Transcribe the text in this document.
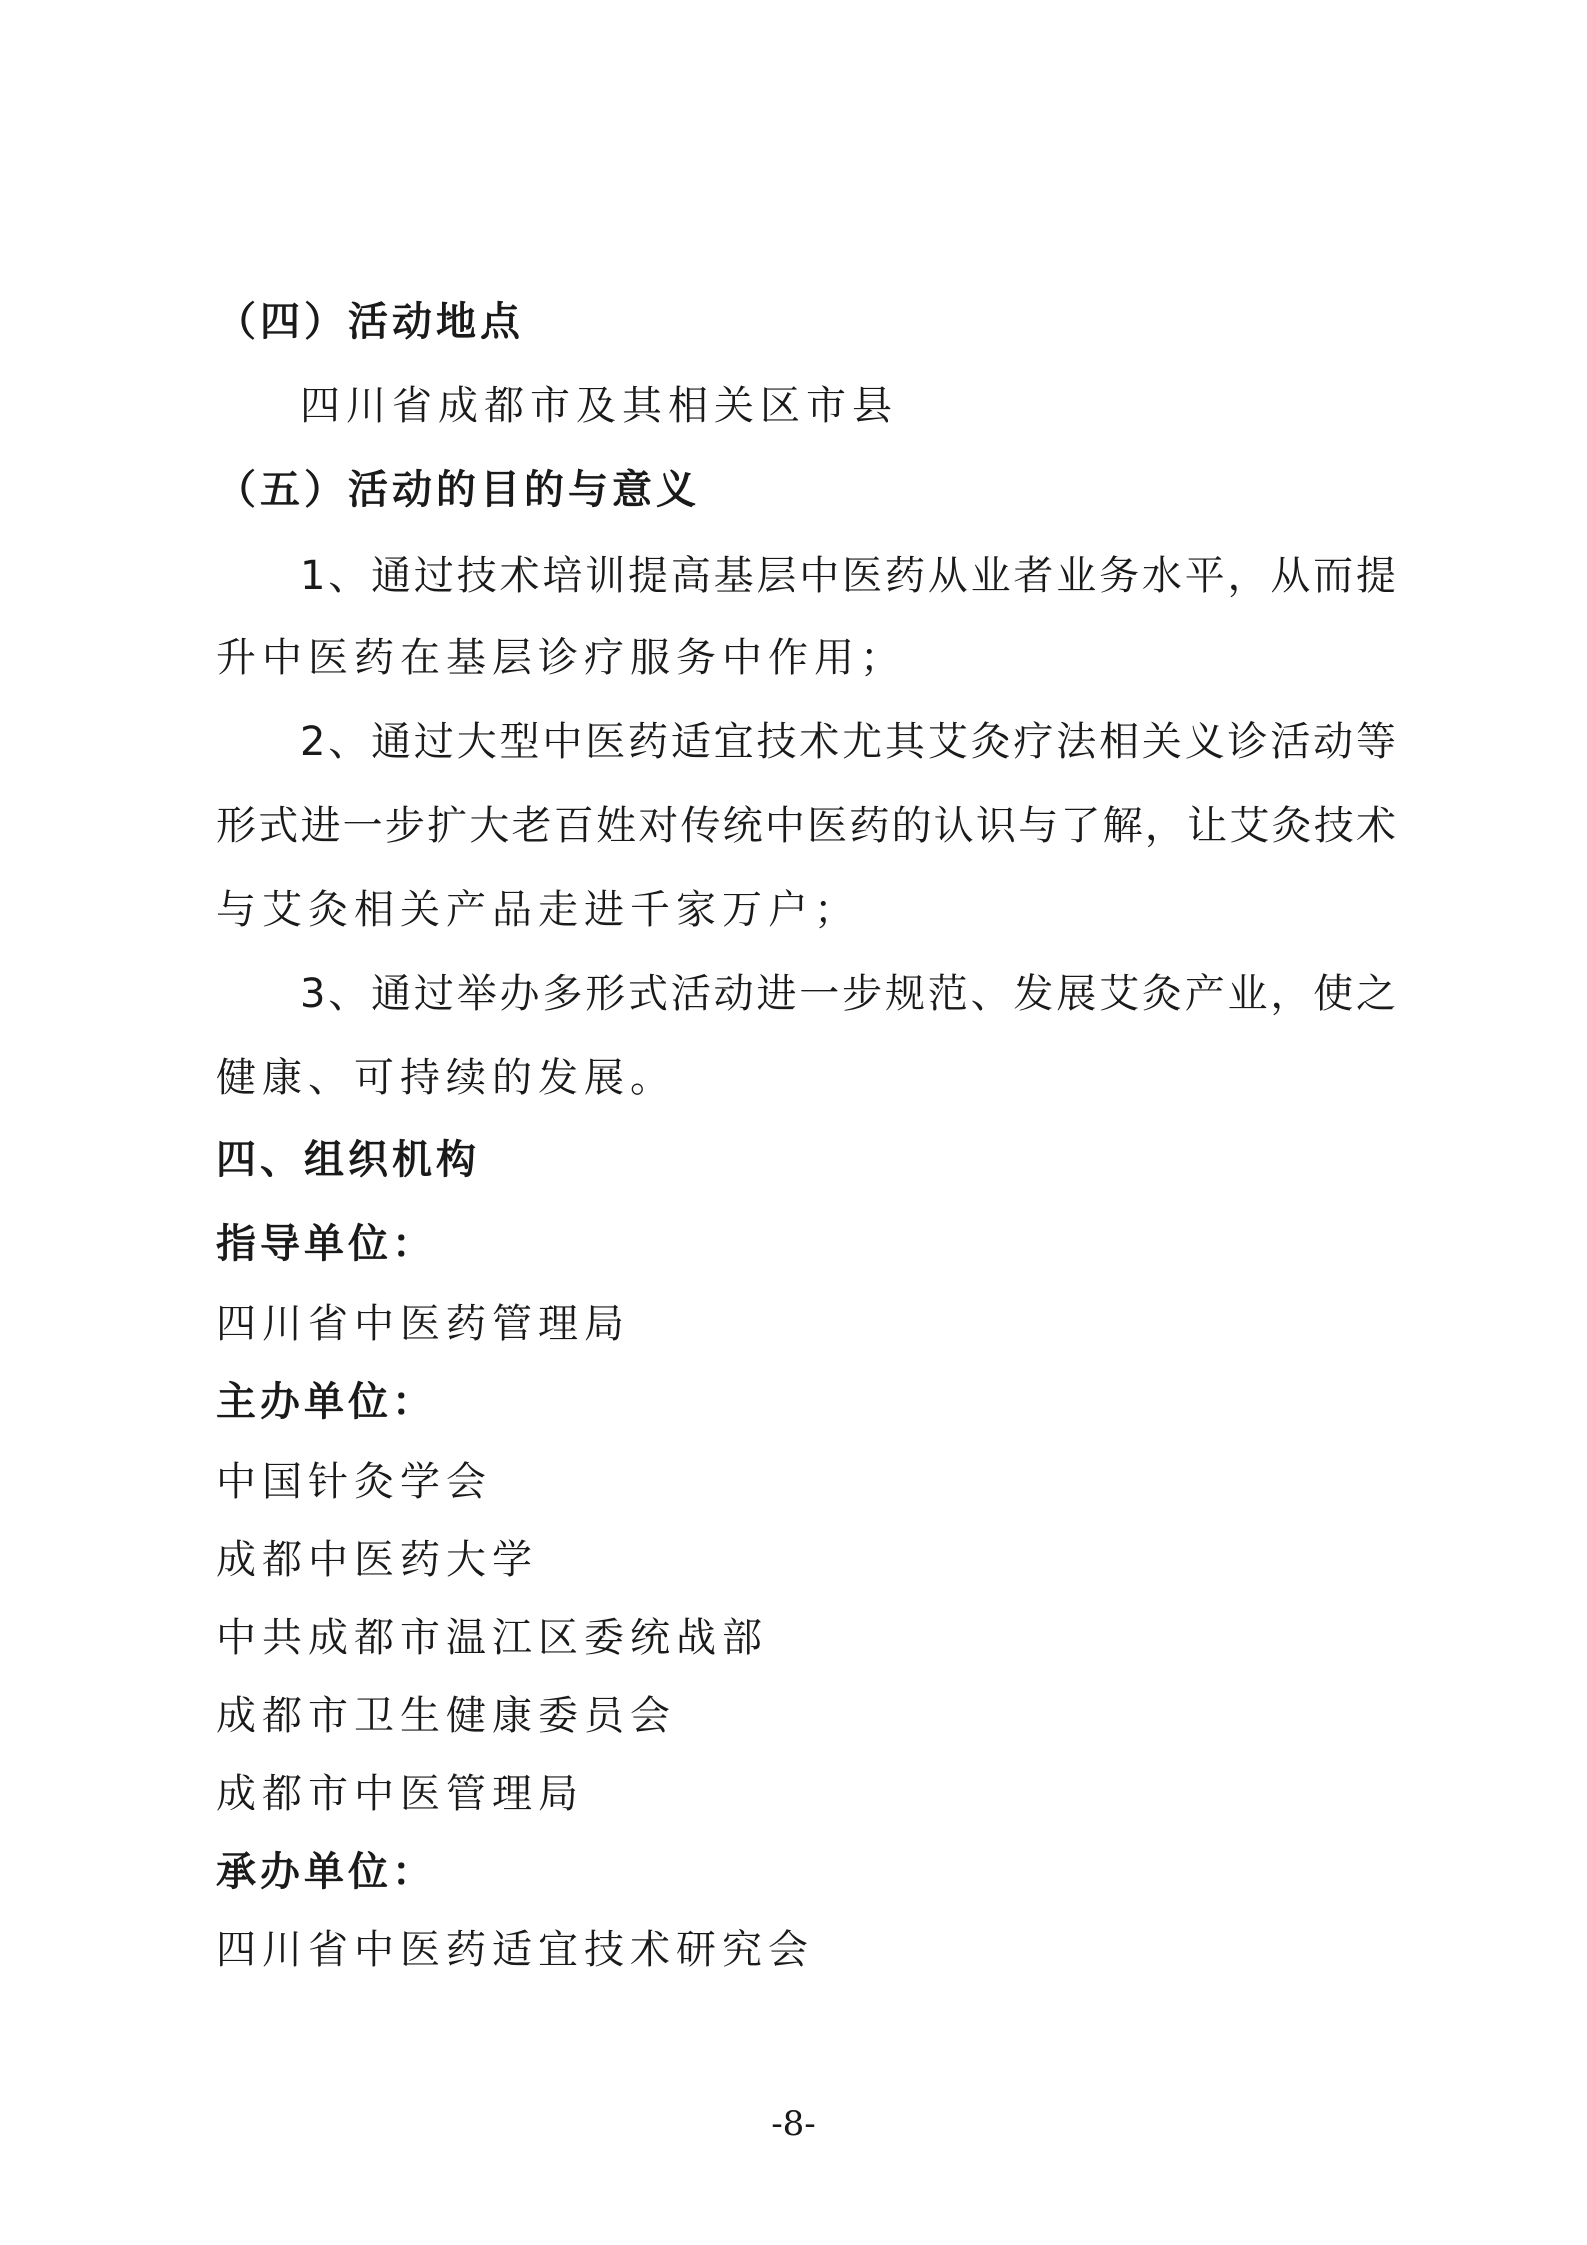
（四）活动地点
四川省成都市及其相关区市县
（五）活动的目的与意义
1、通过技术培训提高基层中医药从业者业务水平，从而提
升中医药在基层诊疗服务中作用；
2、通过大型中医药适宜技术尤其艾灸疗法相关义诊活动等
形式进一步扩大老百姓对传统中医药的认识与了解，让艾灸技术
与艾灸相关产品走进千家万户；
3、通过举办多形式活动进一步规范、发展艾灸产业，使之
健康、可持续的发展。
四、组织机构
指导单位：
四川省中医药管理局
主办单位：
中国针灸学会
成都中医药大学
中共成都市温江区委统战部
成都市卫生健康委员会
成都市中医管理局
承办单位：
四川省中医药适宜技术研究会
-8-
